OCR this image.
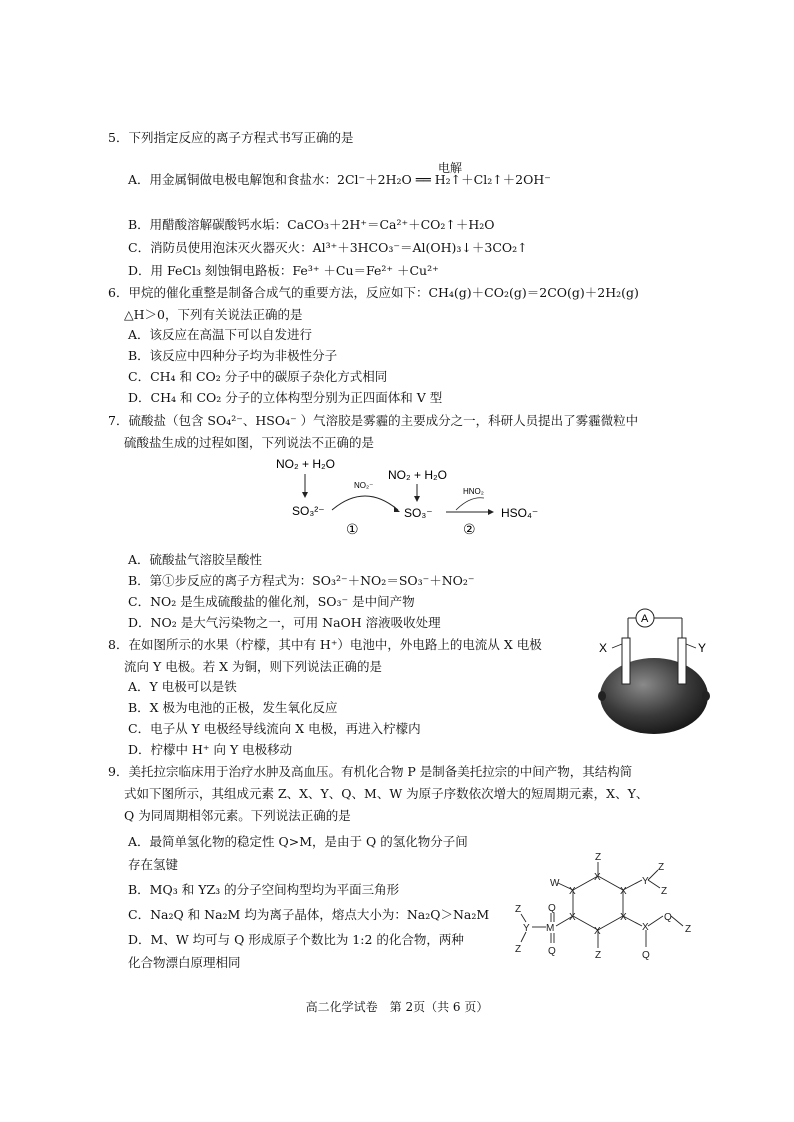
5．下列指定反应的离子方程式书写正确的是
电解
A．用金属铜做电极电解饱和食盐水：2Cl⁻＋2H₂O ══ H₂↑＋Cl₂↑＋2OH⁻
B．用醋酸溶解碳酸钙水垢：CaCO₃＋2H⁺＝Ca²⁺＋CO₂↑＋H₂O
C．消防员使用泡沫灭火器灭火：Al³⁺＋3HCO₃⁻＝Al(OH)₃↓＋3CO₂↑
D．用 FeCl₃ 刻蚀铜电路板：Fe³⁺ ＋Cu＝Fe²⁺ ＋Cu²⁺
6．甲烷的催化重整是制备合成气的重要方法，反应如下：CH₄(g)＋CO₂(g)＝2CO(g)＋2H₂(g)
△H＞0，下列有关说法正确的是
A．该反应在高温下可以自发进行
B．该反应中四种分子均为非极性分子
C．CH₄ 和 CO₂ 分子中的碳原子杂化方式相同
D．CH₄ 和 CO₂ 分子的立体构型分别为正四面体和 V 型
7．硫酸盐（包含 SO₄²⁻、HSO₄⁻ ）气溶胶是雾霾的主要成分之一，科研人员提出了雾霾微粒中
硫酸盐生成的过程如图，下列说法不正确的是
NO₂ + H₂O
SO₃²⁻
NO₂⁻
①
NO₂ + H₂O
SO₃⁻
HNO₂
②
HSO₄⁻
A．硫酸盐气溶胶呈酸性
B．第①步反应的离子方程式为：SO₃²⁻＋NO₂＝SO₃⁻＋NO₂⁻
C．NO₂ 是生成硫酸盐的催化剂，SO₃⁻ 是中间产物
D．NO₂ 是大气污染物之一，可用 NaOH 溶液吸收处理
8．在如图所示的水果（柠檬，其中有 H⁺）电池中，外电路上的电流从 X 电极
流向 Y 电极。若 X 为铜，则下列说法正确的是
A．Y 电极可以是铁
B．X 极为电池的正极，发生氧化反应
C．电子从 Y 电极经导线流向 X 电极，再进入柠檬内
D．柠檬中 H⁺ 向 Y 电极移动
A
X	Y
9．美托拉宗临床用于治疗水肿及高血压。有机化合物 P 是制备美托拉宗的中间产物，其结构简
式如下图所示，其组成元素 Z、X、Y、Q、M、W 为原子序数依次增大的短周期元素，X、Y、
Q 为同周期相邻元素。下列说法正确的是
A．最简单氢化物的稳定性 Q>M，是由于 Q 的氢化物分子间
存在氢键
B．MQ₃ 和 YZ₃ 的分子空间构型均为平面三角形
C．Na₂Q 和 Na₂M 均为离子晶体，熔点大小为：Na₂Q＞Na₂M
D．M、W 均可与 Q 形成原子个数比为 1:2 的化合物，两种
化合物漂白原理相同
Z
X
X
X
X
X
X
Z
W	Y
Z
Z
X
Q
Z
Q
Q
M
Q
Y
Z
Z
高二化学试卷　第 2页（共 6 页）
